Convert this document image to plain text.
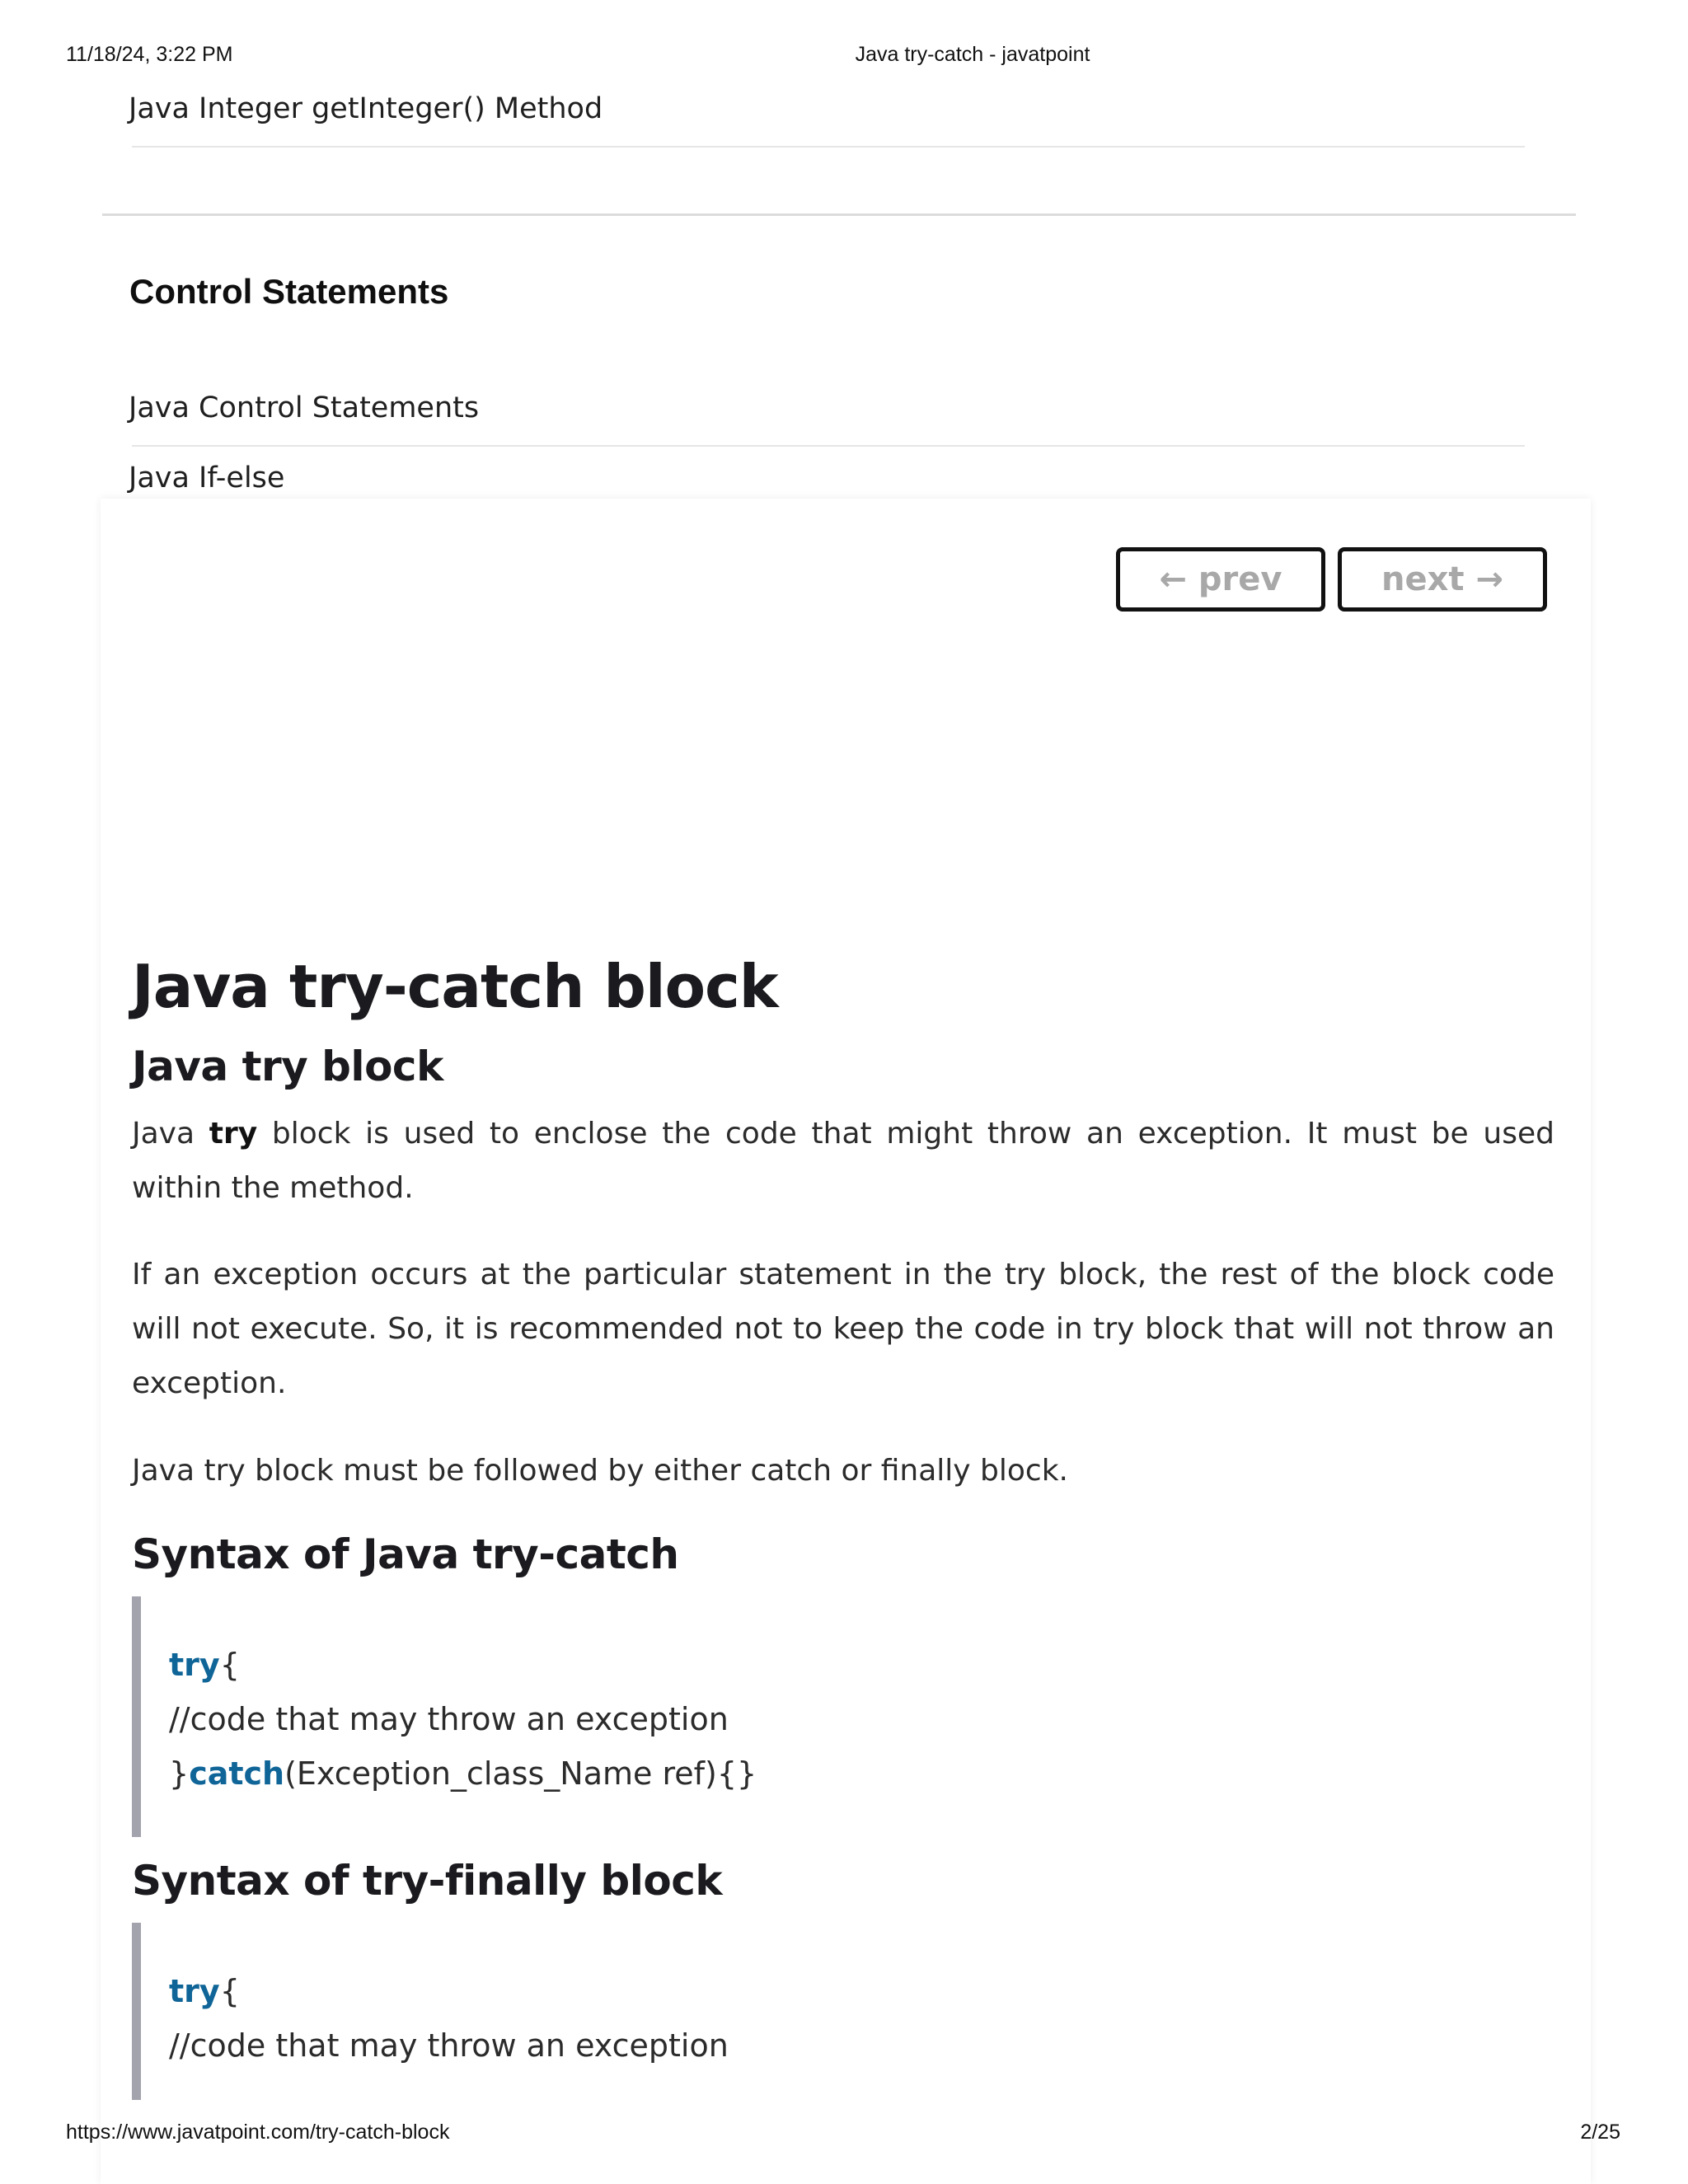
11/18/24, 3:22 PM	Java try-catch - javatpoint
Java Integer getInteger() Method
Control Statements
Java Control Statements
Java If-else
← prev	next →
Java try-catch block
Java try block

Java try block is used to enclose the code that might throw an exception. It must be used within the method.

If an exception occurs at the particular statement in the try block, the rest of the block code will not execute. So, it is recommended not to keep the code in try block that will not throw an exception.

Java try block must be followed by either catch or finally block.

Syntax of Java try-catch
try{
//code that may throw an exception
}catch(Exception_class_Name ref){}
Syntax of try-finally block
try{
//code that may throw an exception
https://www.javatpoint.com/try-catch-block	2/25
